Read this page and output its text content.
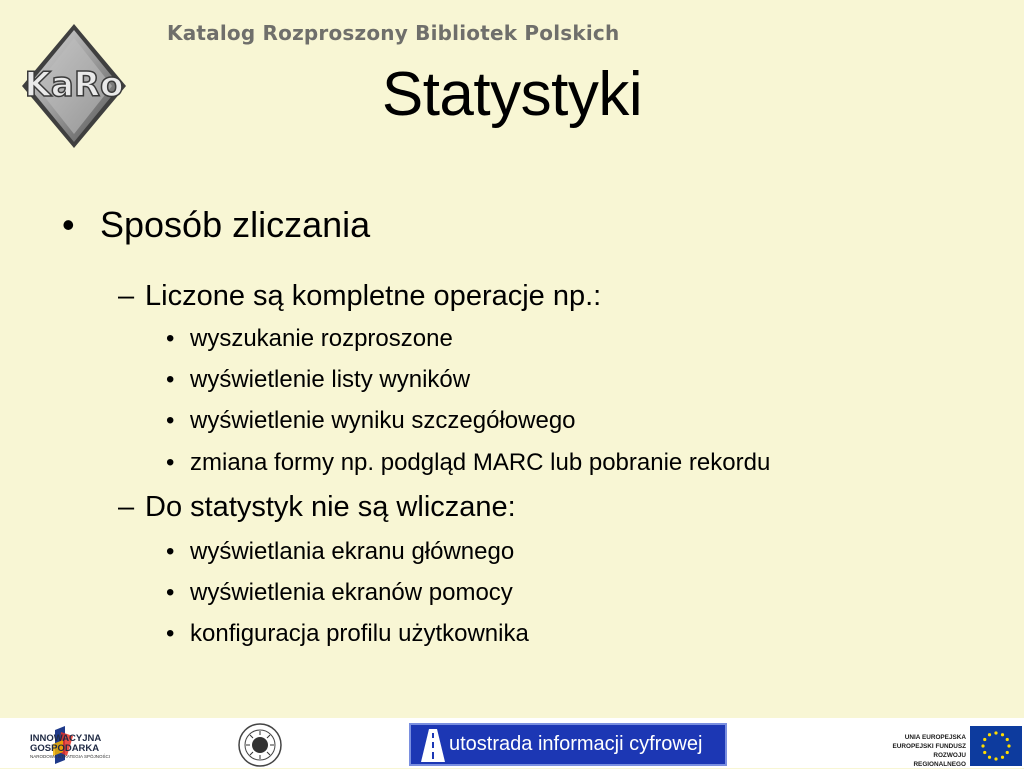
KaRo
Katalog Rozproszony Bibliotek Polskich
Statystyki
• Sposób zliczania
– Liczone są kompletne operacje np.:
• wyszukanie rozproszone
• wyświetlenie listy wyników
• wyświetlenie wyniku szczegółowego
• zmiana formy np. podgląd MARC lub pobranie rekordu
– Do statystyk nie są wliczane:
• wyświetlania ekranu głównego
• wyświetlenia ekranów pomocy
• konfiguracja profilu użytkownika
INNOWACYJNA
GOSPODARKA
NARODOWA STRATEGIA SPÓJNOŚCI
utostrada informacji cyfrowej	UNIA EUROPEJSKA
EUROPEJSKI FUNDUSZ
ROZWOJU REGIONALNEGO
